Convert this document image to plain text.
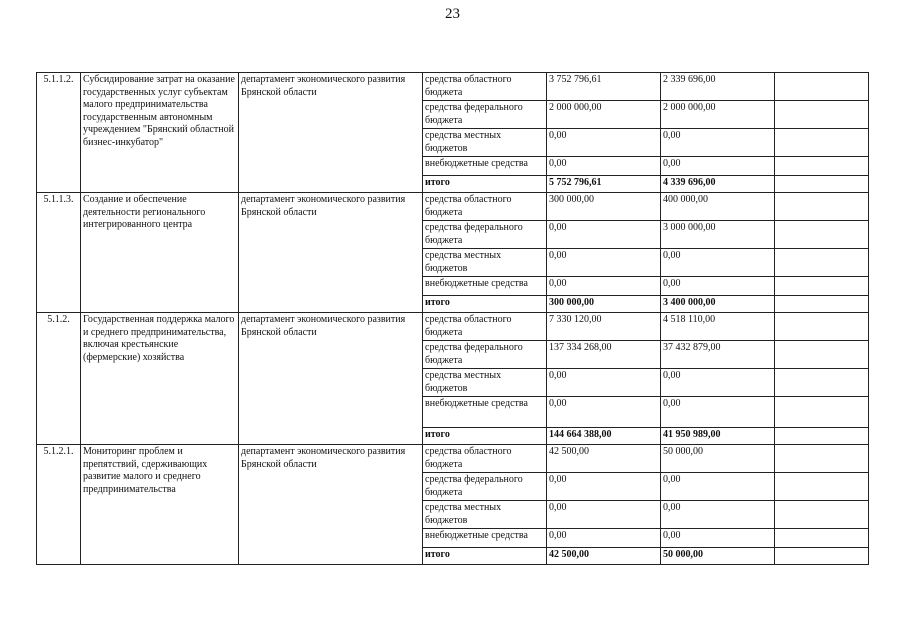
23
5.1.1.2.	Субсидирование затрат на оказание государственных услуг субъектам малого предпринимательства государственным автономным учреждением "Брянский областной бизнес-инкубатор"	департамент экономического развития Брянской области	средства областного бюджета	3 752 796,61	2 339 696,00	
			средства федерального бюджета	2 000 000,00	2 000 000,00	
			средства местных бюджетов	0,00	0,00	
			внебюджетные средства	0,00	0,00	
			итого	5 752 796,61	4 339 696,00	
5.1.1.3.	Создание и обеспечение деятельности регионального интегрированного центра	департамент экономического развития Брянской области	средства областного бюджета	300 000,00	400 000,00	
			средства федерального бюджета	0,00	3 000 000,00	
			средства местных бюджетов	0,00	0,00	
			внебюджетные средства	0,00	0,00	
			итого	300 000,00	3 400 000,00	
5.1.2.	Государственная поддержка малого и среднего предпринимательства, включая крестьянские (фермерские) хозяйства	департамент экономического развития Брянской области	средства областного бюджета	7 330 120,00	4 518 110,00	
			средства федерального бюджета	137 334 268,00	37 432 879,00	
			средства местных бюджетов	0,00	0,00	
			внебюджетные средства	0,00	0,00	
			итого	144 664 388,00	41 950 989,00	
5.1.2.1.	Мониторинг проблем и препятствий, сдерживающих развитие малого и среднего предпринимательства	департамент экономического развития Брянской области	средства областного бюджета	42 500,00	50 000,00	
			средства федерального бюджета	0,00	0,00	
			средства местных бюджетов	0,00	0,00	
			внебюджетные средства	0,00	0,00	
			итого	42 500,00	50 000,00	
